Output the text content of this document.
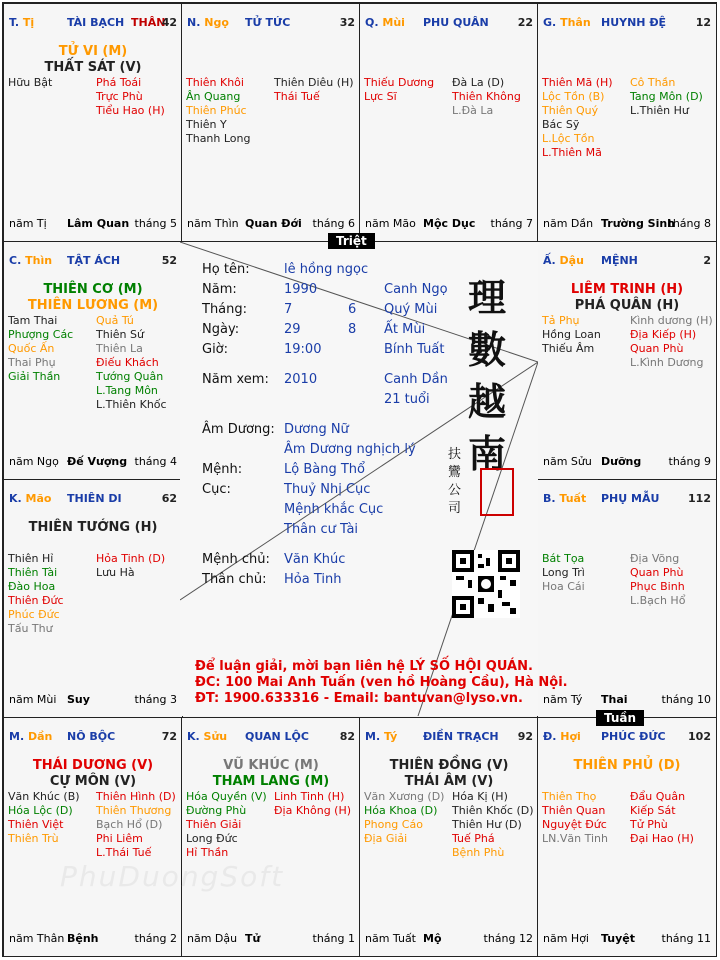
T. Tị	TÀI BẠCH THÂN
42
TỬ VI (M)
THẤT SÁT (V)
Hữu Bật	Phá Toái
Trực Phù
Tiểu Hao (H)
năm Tị Lâm Quan tháng 5
N. Ngọ TỬ TỨC	32
Thiên Khôi
Ân Quang
Thiên Phúc
Thiên Y
Thanh Long
Thiên Diêu (H)
Thái Tuế
năm Thìn Quan Đới tháng 6
Q. Mùi PHU QUÂN	22
Thiếu Dương
Lực Sĩ
Đà La (D)
Thiên Không
L.Đà La
năm Mão Mộc Dục tháng 7
G. Thân HUYNH ĐỆ	12
Thiên Mã (H)
Lộc Tồn (B)
Thiên Quý
Bác Sỹ
L.Lộc Tồn
L.Thiên Mã
Cô Thần
Tang Môn (D)
L.Thiên Hư
năm Dần Trường Sinh
tháng 8
C. Thìn TẬT ÁCH	52
THIÊN CƠ (M)
THIÊN LƯƠNG (M)
Tam Thai
Phượng Các
Quốc Ấn
Thai Phụ
Giải Thần
Quả Tú
Thiên Sứ
Thiên La
Điếu Khách
Tướng Quân
L.Tang Môn
L.Thiên Khốc
năm Ngọ Đế Vượng tháng 4
Ấ. Dậu MỆNH	2
LIÊM TRINH (H)
PHÁ QUÂN (H)
Tả Phụ
Hồng Loan
Thiếu Âm
Kình dương (H)
Địa Kiếp (H)
Quan Phù
L.Kình Dương
năm Sửu Dưỡng tháng 9
K. Mão THIÊN DI	62
THIÊN TƯỚNG (H)
Thiên Hỉ
Thiên Tài
Đào Hoa
Thiên Đức
Phúc Đức
Tấu Thư
Hỏa Tinh (D)
Lưu Hà
năm Mùi Suy	tháng 3
B. Tuất PHỤ MẪU	112
Bát Tọa
Long Trì
Hoa Cái
Địa Võng
Quan Phù
Phục Binh
L.Bạch Hổ
năm Tý Thai	tháng 10
M. Dần NÔ BỘC	72
THÁI DƯƠNG (V)
CỰ MÔN (V)
Văn Khúc (B)
Hóa Lộc (D)
Thiên Việt
Thiên Trù
Thiên Hình (D)
Thiên Thương
Bạch Hổ (D)
Phi Liêm
L.Thái Tuế
năm Thân Bệnh	tháng 2
K. Sửu QUAN LỘC	82
VŨ KHÚC (M)
THAM LANG (M)
Hóa Quyền (V)
Đường Phù
Thiên Giải
Long Đức
Hỉ Thần
Linh Tinh (H)
Địa Không (H)
năm Dậu Tử	tháng 1
M. Tý ĐIỀN TRẠCH 92
THIÊN ĐỒNG (V)
THÁI ÂM (V)
Văn Xương (D)
Hóa Khoa (D)
Phong Cáo
Địa Giải
Hóa Kị (H)
Thiên Khốc (D)
Thiên Hư (D)
Tuế Phá
Bệnh Phù
năm Tuất Mộ	tháng 12
Đ. Hợi PHÚC ĐỨC 102
THIÊN PHỦ (D)
Thiên Thọ
Thiên Quan
Nguyệt Đức
LN.Văn Tinh
Đẩu Quân
Kiếp Sát
Tử Phù
Đại Hao (H)
năm Hợi Tuyệt tháng 11
Họ tên:	lê hồng ngọc
Năm:	1990	Canh Ngọ
Tháng:	7	6 Quý Mùi
Ngày:	29	8 Ất Mùi
Giờ:	19:00	Bính Tuất
Năm xem: 2010	Canh Dần
21 tuổi
Âm Dương: Dương Nữ
Âm Dương nghịch lý
Mệnh:	Lộ Bàng Thổ
Cục:	Thuỷ Nhị Cục
Mệnh khắc Cục
Thân cư Tài
Mệnh chủ: Văn Khúc
Thân chủ: Hỏa Tinh
理
數
越
南
扶
鸞
公
司
Để luận giải, mời bạn liên hệ LÝ SỐ HỘI QUÁN.
ĐC: 100 Mai Anh Tuấn (ven hồ Hoàng Cầu), Hà Nội.
ĐT: 1900.633316 - Email: bantuvan@lyso.vn.
Triệt
Tuần
PhuDuongSoft
